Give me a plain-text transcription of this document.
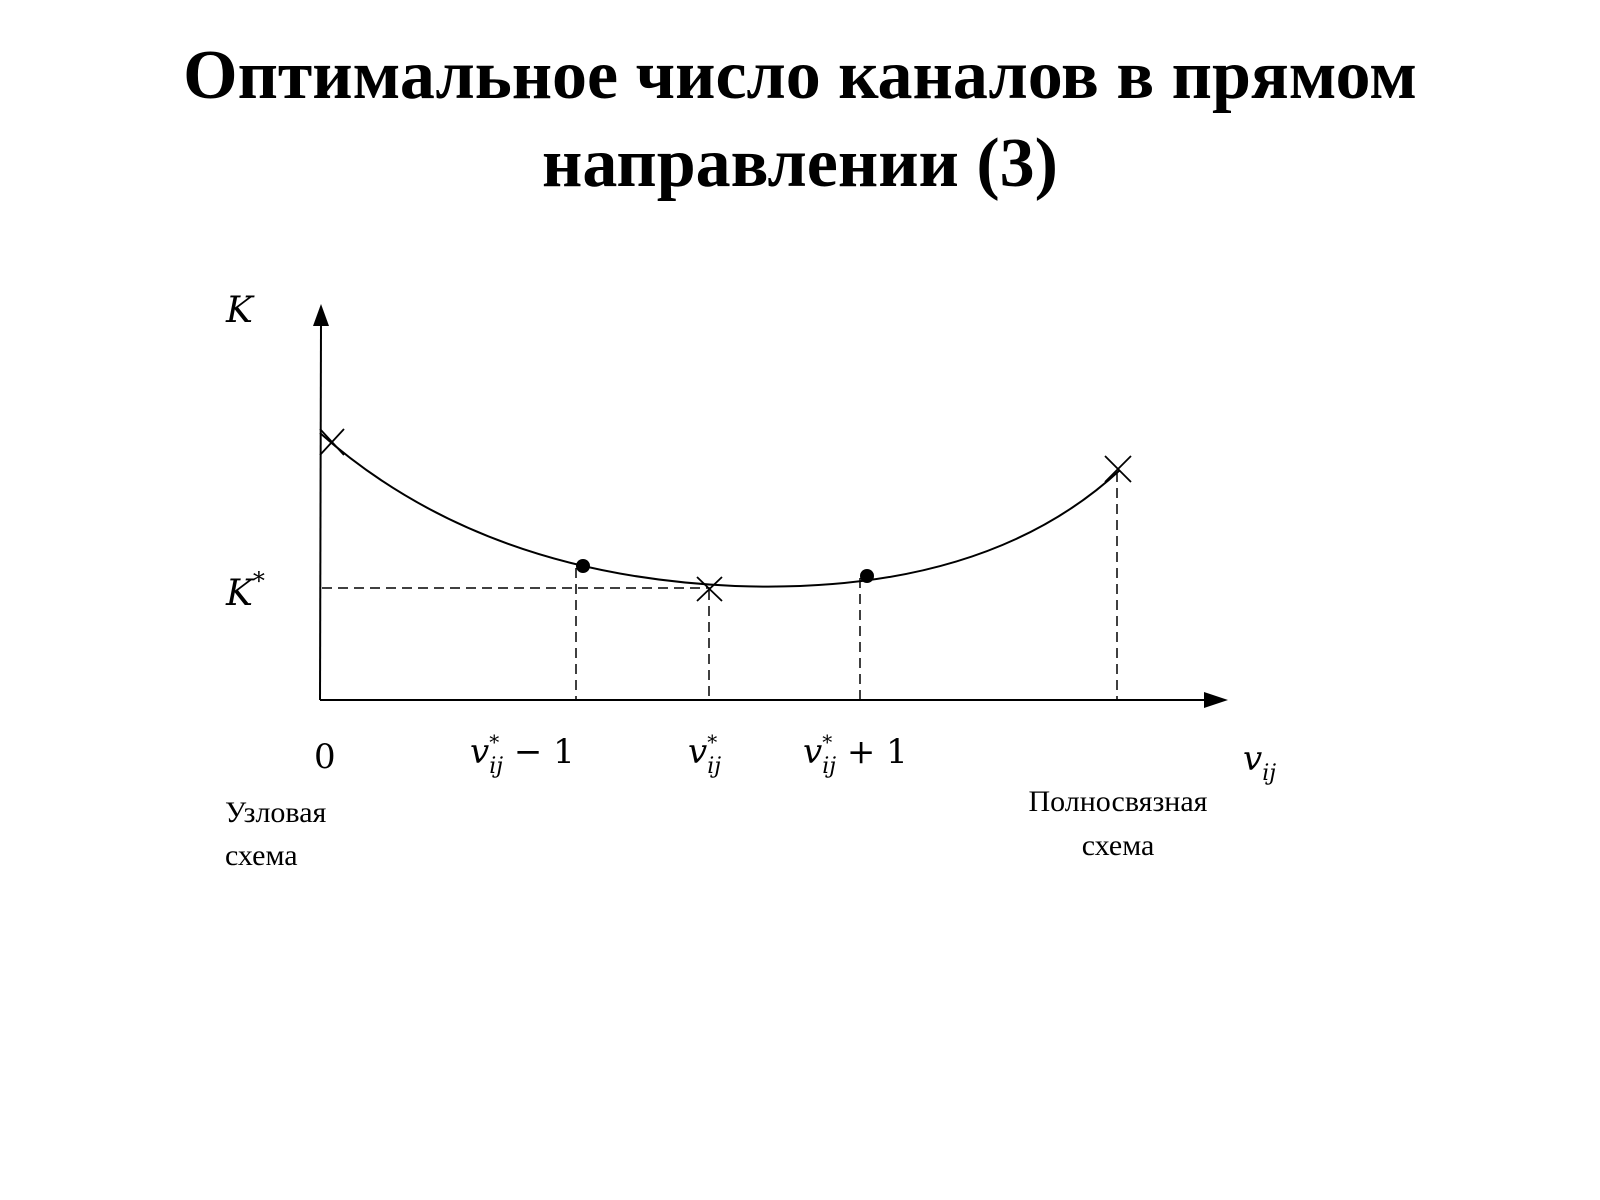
Оптимальное число каналов в прямом
направлении (3)
K
K*
0	v* ij − 1	v* ij v* ij + 1	$v_{ij}$
Узловая
схема
Полносвязная
схема
